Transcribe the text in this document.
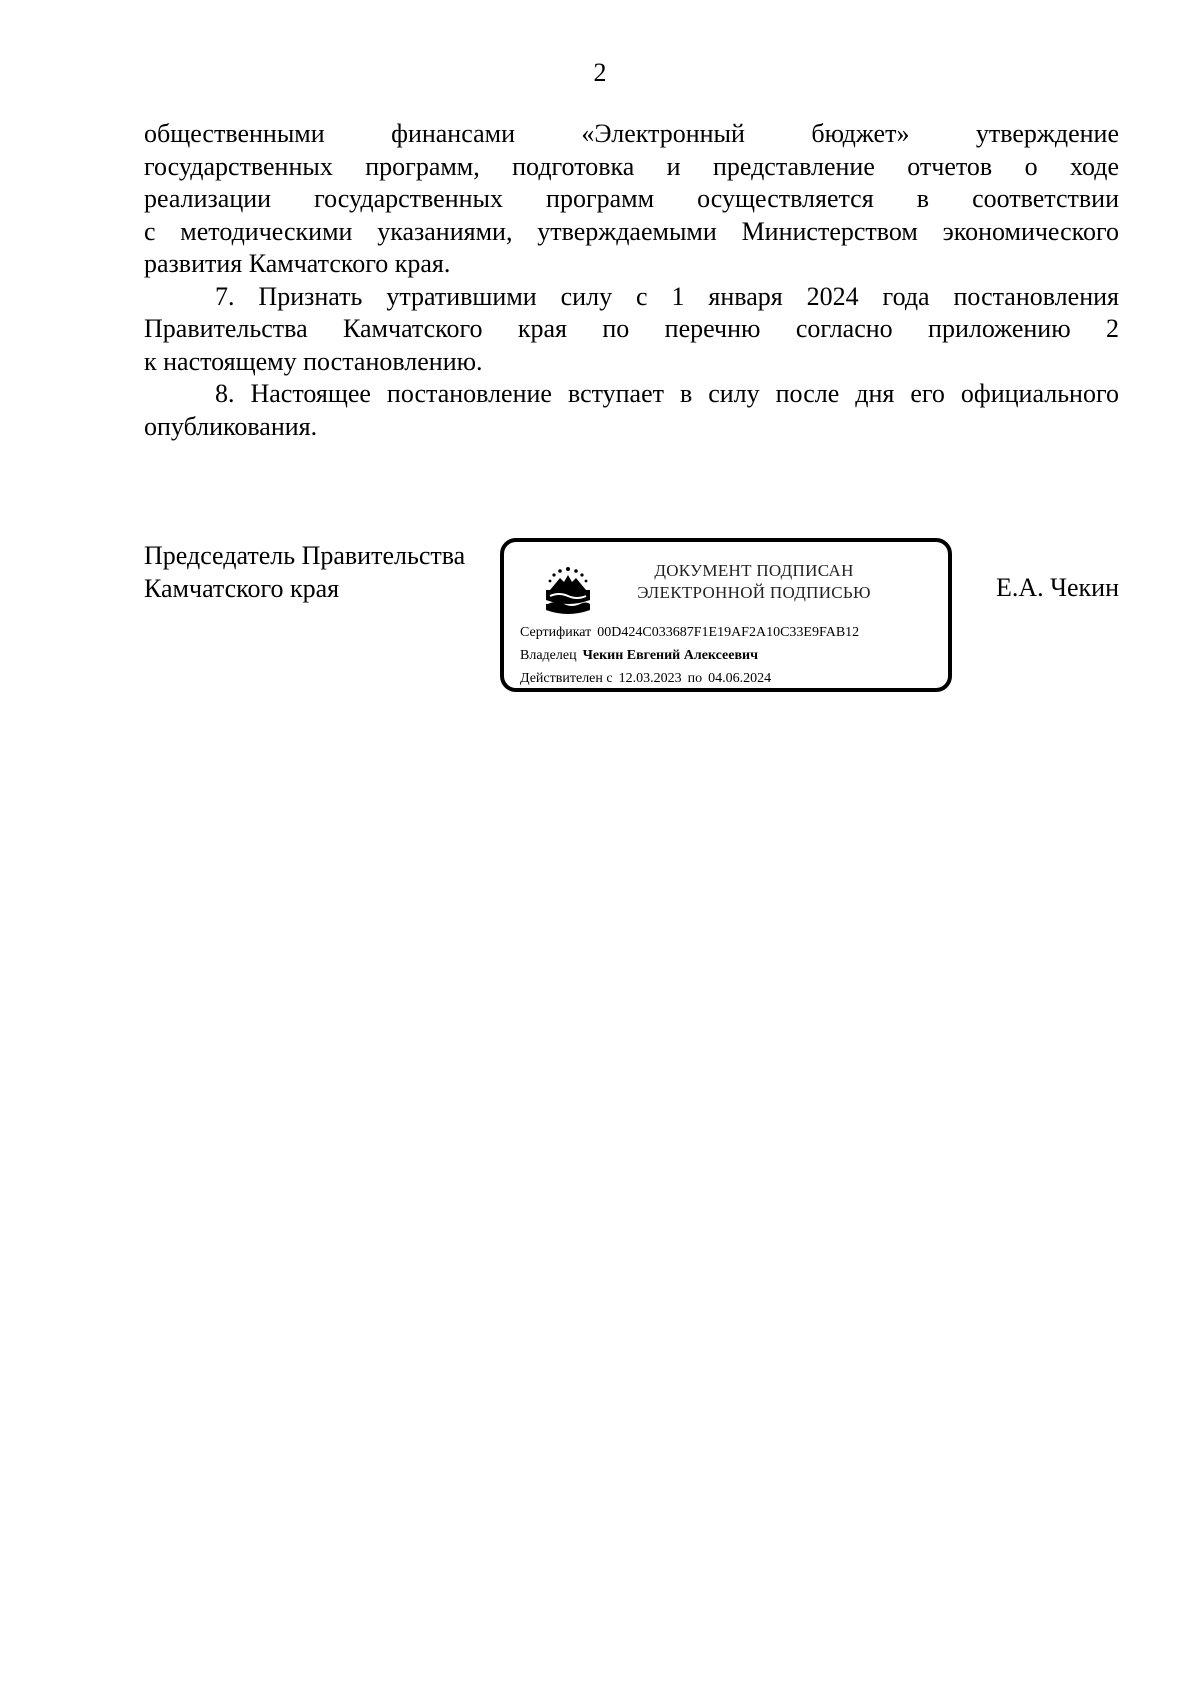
2

общественными финансами «Электронный бюджет» утверждение
государственных программ, подготовка и представление отчетов о ходе
реализации государственных программ осуществляется в соответствии
с методическими указаниями, утверждаемыми Министерством экономического
развития Камчатского края.

7. Признать утратившими силу с 1 января 2024 года постановления
Правительства Камчатского края по перечню согласно приложению 2
к настоящему постановлению.

8. Настоящее постановление вступает в силу после дня его официального
опубликования.

Председатель Правительства
Камчатского края	Е.А. Чекин
ДОКУМЕНТ ПОДПИСАН
ЭЛЕКТРОННОЙ ПОДПИСЬЮ
Сертификат 00D424C033687F1E19AF2A10C33E9FAB12
Владелец Чекин Евгений Алексеевич
Действителен с 12.03.2023 по 04.06.2024
